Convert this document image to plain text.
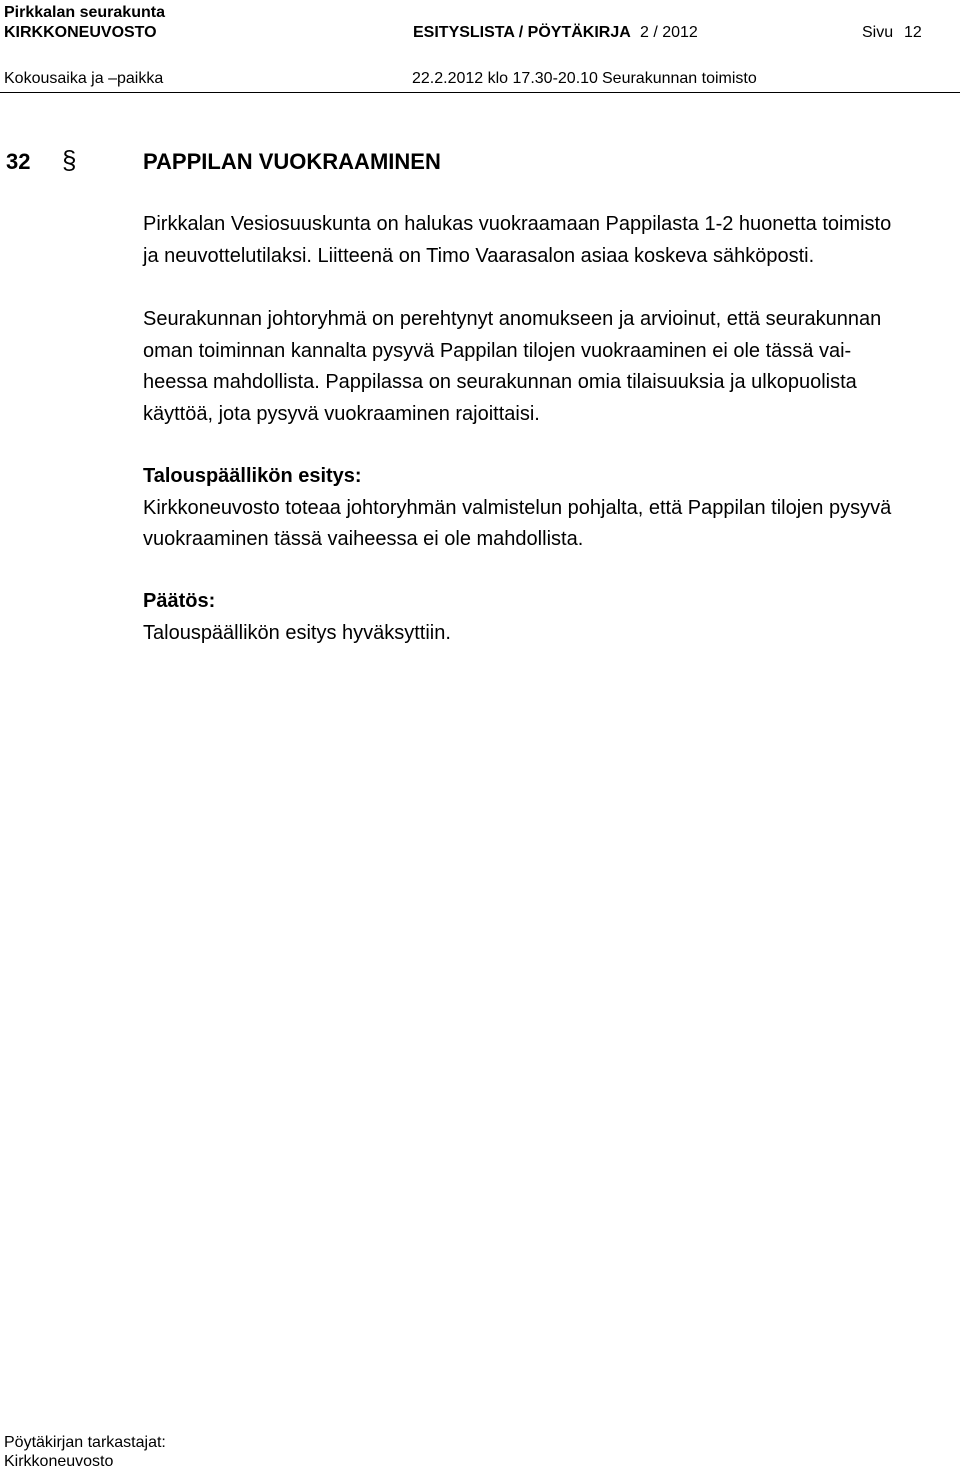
Pirkkalan seurakunta
KIRKKONEUVOSTO	ESITYSLISTA / PÖYTÄKIRJA 2 / 2012	Sivu 12
Kokousaika ja –paikka	22.2.2012 klo 17.30-20.10 Seurakunnan toimisto
32 §	PAPPILAN VUOKRAAMINEN

Pirkkalan Vesiosuuskunta on halukas vuokraamaan Pappilasta 1-2 huonetta toimisto

ja neuvottelutilaksi. Liitteenä on Timo Vaarasalon asiaa koskeva sähköposti.

Seurakunnan johtoryhmä on perehtynyt anomukseen ja arvioinut, että seurakunnan

oman toiminnan kannalta pysyvä Pappilan tilojen vuokraaminen ei ole tässä vai-

heessa mahdollista. Pappilassa on seurakunnan omia tilaisuuksia ja ulkopuolista

käyttöä, jota pysyvä vuokraaminen rajoittaisi.

Talouspäällikön esitys:

Kirkkoneuvosto toteaa johtoryhmän valmistelun pohjalta, että Pappilan tilojen pysyvä

vuokraaminen tässä vaiheessa ei ole mahdollista.

Päätös:

Talouspäällikön esitys hyväksyttiin.

Pöytäkirjan tarkastajat:
Kirkkoneuvosto
